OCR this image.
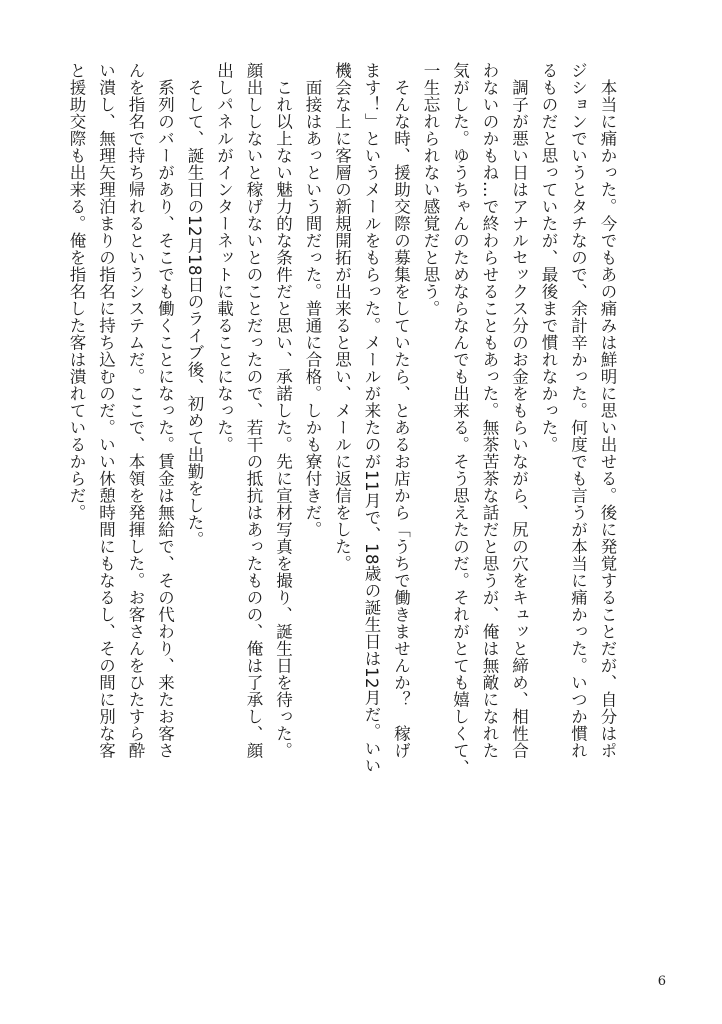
　本当に痛かった。今でもあの痛みは鮮明に思い出せる。後に発覚することだが、自分はポ
ジションでいうとタチなので、余計辛かった。何度でも言うが本当に痛かった。いつか慣れ
るものだと思っていたが、最後まで慣れなかった。
　調子が悪い日はアナルセックス分のお金をもらいながら、尻の穴をキュッと締め、相性合
わないのかもね…で終わらせることもあった。無茶苦茶な話だと思うが、俺は無敵になれた
気がした。ゆうちゃんのためならなんでも出来る。そう思えたのだ。それがとても嬉しくて、
一生忘れられない感覚だと思う。
　そんな時、援助交際の募集をしていたら、とあるお店から「うちで働きませんか？　稼げ
ます！」というメールをもらった。メールが来たのが11月で、18歳の誕生日は12月だ。いい
機会な上に客層の新規開拓が出来ると思い、メールに返信をした。
　面接はあっという間だった。普通に合格。しかも寮付きだ。
　これ以上ない魅力的な条件だと思い、承諾した。先に宣材写真を撮り、誕生日を待った。
顔出ししないと稼げないとのことだったので、若干の抵抗はあったものの、俺は了承し、顔
出しパネルがインターネットに載ることになった。
　そして、誕生日の12月18日のライブ後、初めて出勤をした。
　系列のバーがあり、そこでも働くことになった。賃金は無給で、その代わり、来たお客さ
んを指名で持ち帰れるというシステムだ。ここで、本領を発揮した。お客さんをひたすら酔
い潰し、無理矢理泊まりの指名に持ち込むのだ。いい休憩時間にもなるし、その間に別な客
と援助交際も出来る。俺を指名した客は潰れているからだ。
6
